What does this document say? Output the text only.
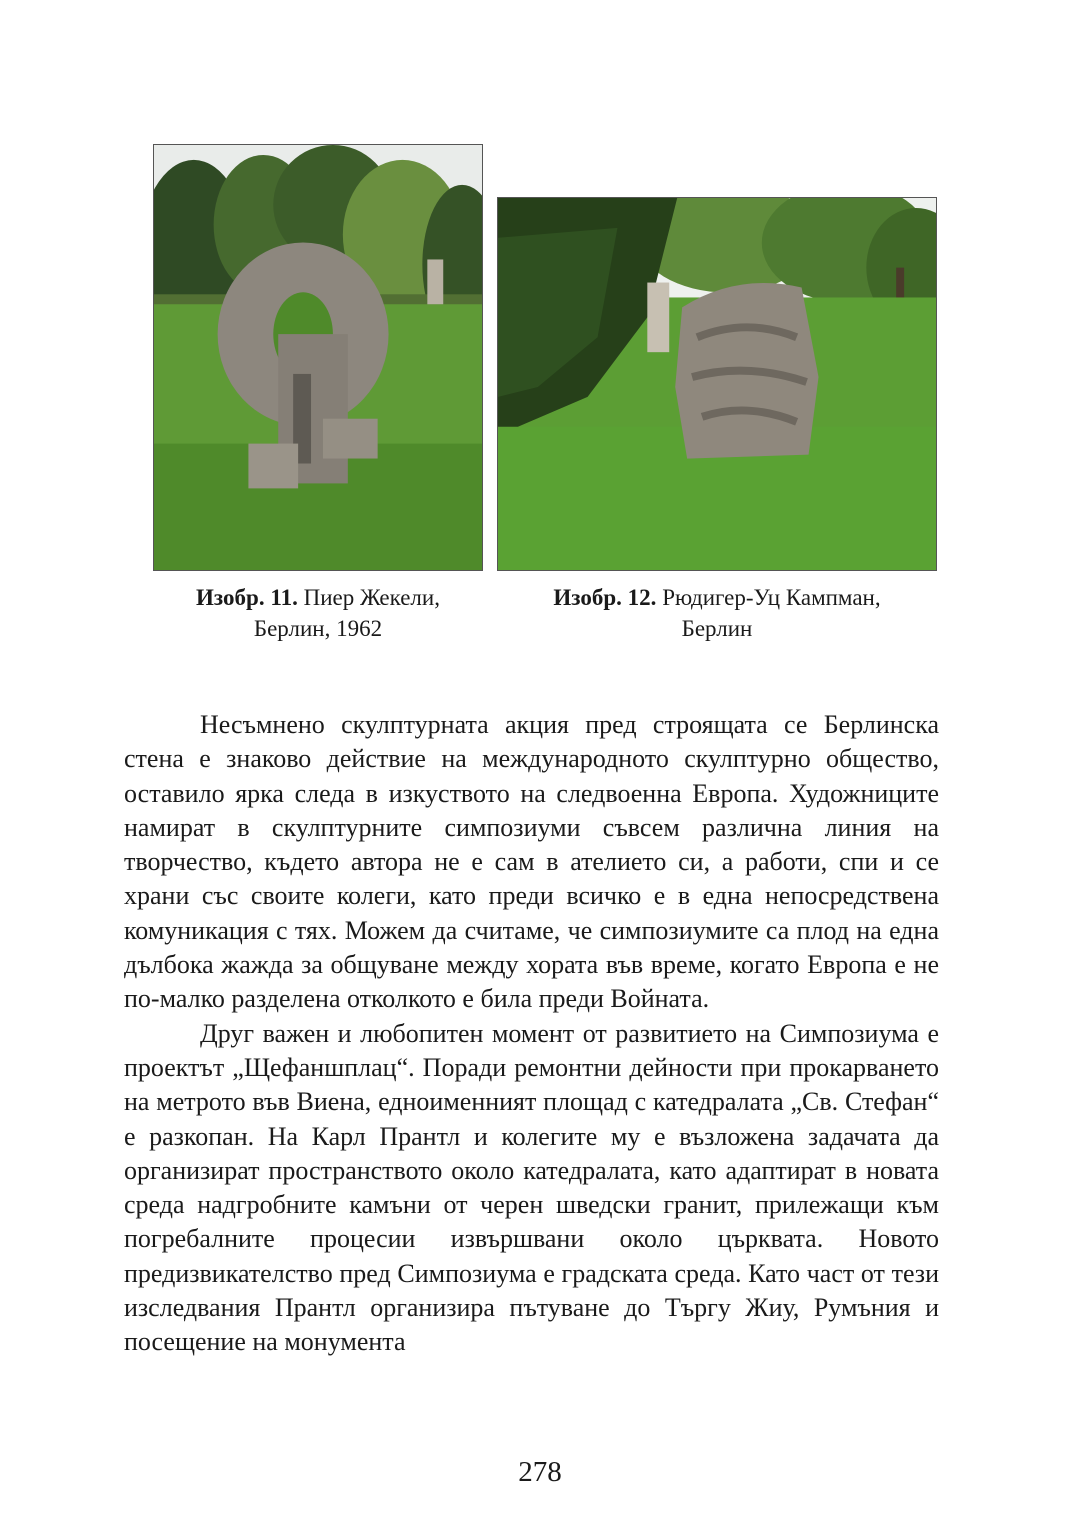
Изобр. 11. Пиер Жекели,
Берлин, 1962
Изобр. 12. Рюдигер-Уц Кампман,
Берлин

Несъмнено скулптурната акция пред строящата се Берлинска стена е знаково действие на международното скулптурно общество, оставило ярка следа в изкуството на следвоенна Европа. Художниците намират в скулптурните симпозиуми съвсем различна линия на творчество, където автора не е сам в ателието си, а работи, спи и се храни със своите колеги, като преди всичко е в една непосредствена комуникация с тях. Можем да считаме, че симпозиумите са плод на една дълбока жажда за общуване между хората във време, когато Европа е не по-малко разделена отколкото е била преди Войната.

Друг важен и любопитен момент от развитието на Симпозиума е проектът „Щефаншплац“. Поради ремонтни дейности при прокарването на метрото във Виена, едноименният площад с катедралата „Св. Стефан“ е разкопан. На Карл Прантл и колегите му е възложена задачата да организират пространството около катедралата, като адаптират в новата среда надгробните камъни от черен шведски гранит, прилежащи към погребалните процесии извършвани около църквата. Новото предизвикателство пред Симпозиума е градската среда. Като част от тези изследвания Прантл организира пътуване до Търгу Жиу, Румъния и посещение на монумента

278
